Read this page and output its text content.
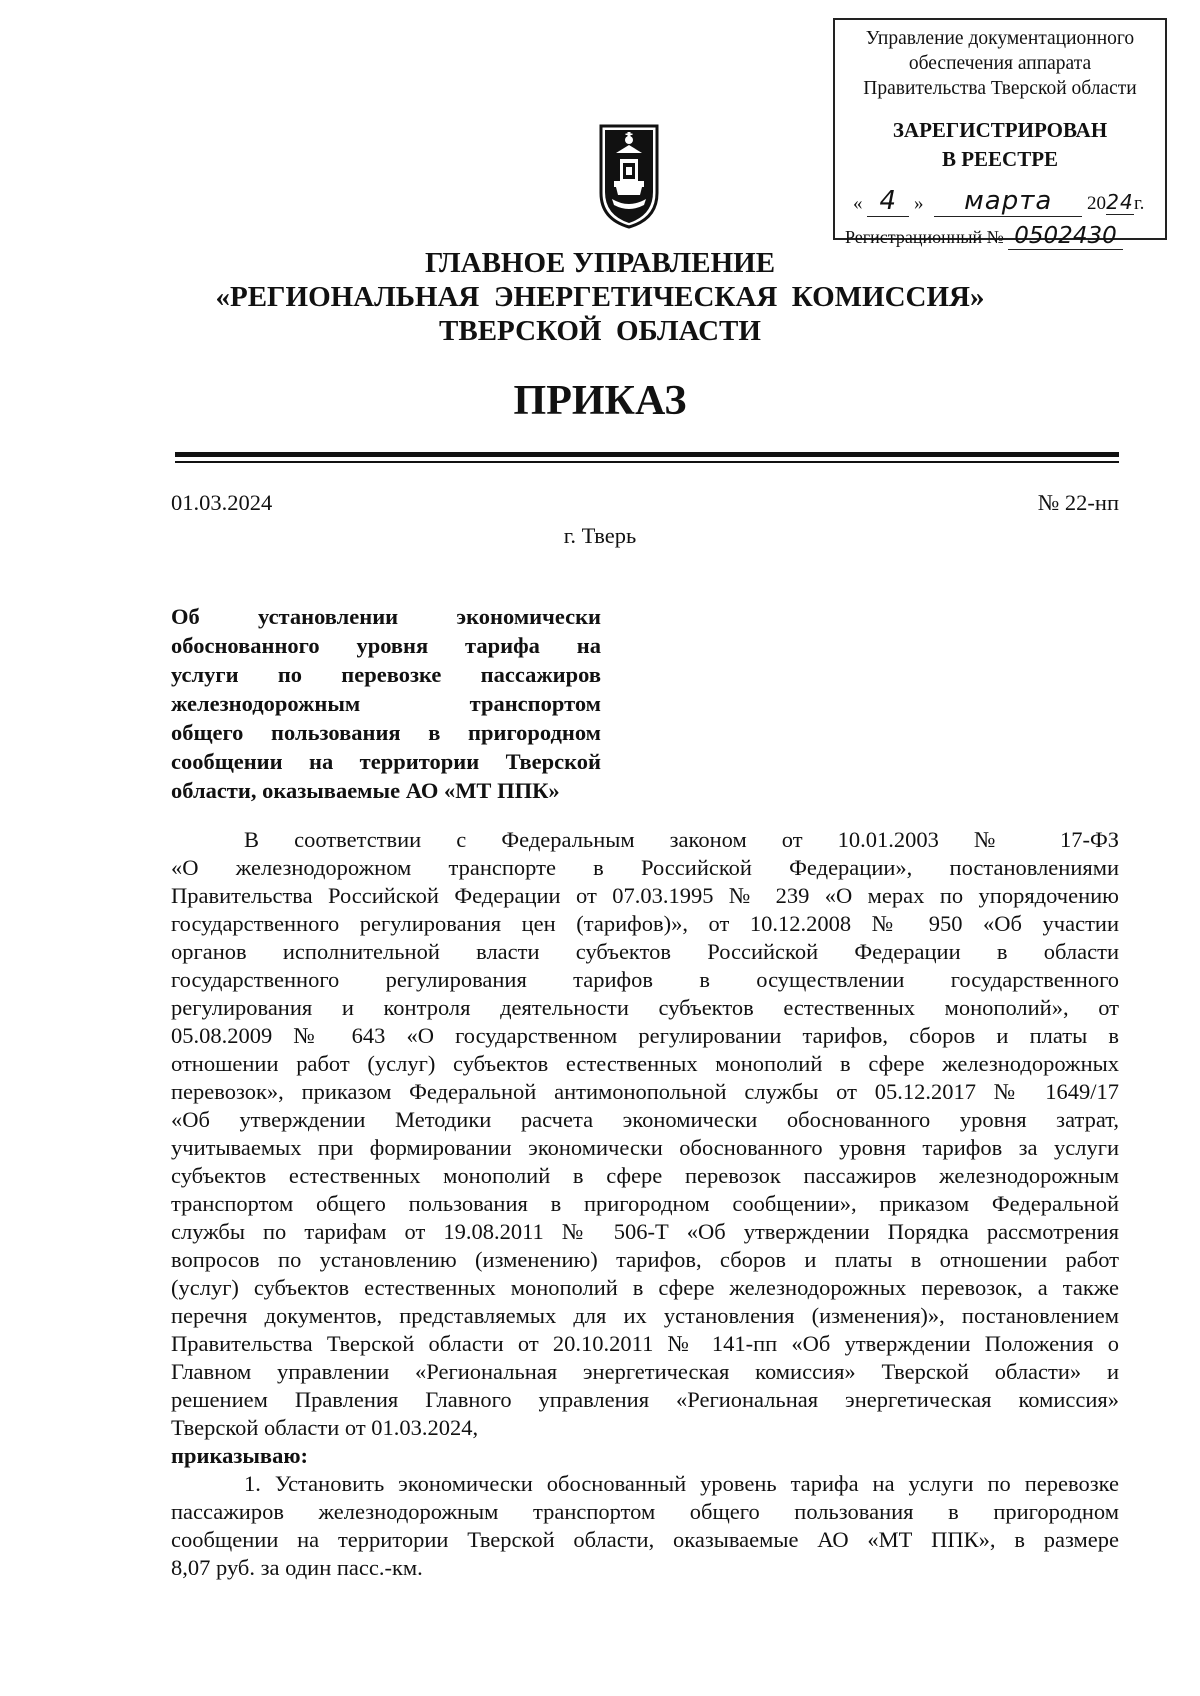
Управление документационного
обеспечения аппарата
Правительства Тверской области
ЗАРЕГИСТРИРОВАН
В РЕЕСТРЕ
« 4 » марта 2024г.
Регистрационный № 0502430
ГЛАВНОЕ УПРАВЛЕНИЕ
«РЕГИОНАЛЬНАЯ  ЭНЕРГЕТИЧЕСКАЯ  КОМИССИЯ»
ТВЕРСКОЙ  ОБЛАСТИ
ПРИКАЗ
01.03.2024	№ 22-нп
г. Тверь
Об установлении экономически
обоснованного уровня тарифа на
услуги по перевозке пассажиров
железнодорожным транспортом
общего пользования в пригородном
сообщении на территории Тверской
области, оказываемые АО «МТ ППК»
В соответствии с Федеральным законом от 10.01.2003 № 17-ФЗ
«О железнодорожном транспорте в Российской Федерации», постановлениями
Правительства Российской Федерации от 07.03.1995 № 239 «О мерах по упорядочению
государственного регулирования цен (тарифов)», от 10.12.2008 № 950 «Об участии
органов исполнительной власти субъектов Российской Федерации в области
государственного регулирования тарифов в осуществлении государственного
регулирования и контроля деятельности субъектов естественных монополий», от
05.08.2009 № 643 «О государственном регулировании тарифов, сборов и платы в
отношении работ (услуг) субъектов естественных монополий в сфере железнодорожных
перевозок», приказом Федеральной антимонопольной службы от 05.12.2017 № 1649/17
«Об утверждении Методики расчета экономически обоснованного уровня затрат,
учитываемых при формировании экономически обоснованного уровня тарифов за услуги
субъектов естественных монополий в сфере перевозок пассажиров железнодорожным
транспортом общего пользования в пригородном сообщении», приказом Федеральной
службы по тарифам от 19.08.2011 № 506-Т «Об утверждении Порядка рассмотрения
вопросов по установлению (изменению) тарифов, сборов и платы в отношении работ
(услуг) субъектов естественных монополий в сфере железнодорожных перевозок, а также
перечня документов, представляемых для их установления (изменения)», постановлением
Правительства Тверской области от 20.10.2011 № 141-пп «Об утверждении Положения о
Главном управлении «Региональная энергетическая комиссия» Тверской области» и
решением Правления Главного управления «Региональная энергетическая комиссия»
Тверской области от 01.03.2024,
приказываю:
1. Установить экономически обоснованный уровень тарифа на услуги по перевозке
пассажиров железнодорожным транспортом общего пользования в пригородном
сообщении на территории Тверской области, оказываемые АО «МТ ППК», в размере
8,07 руб. за один пасс.-км.
